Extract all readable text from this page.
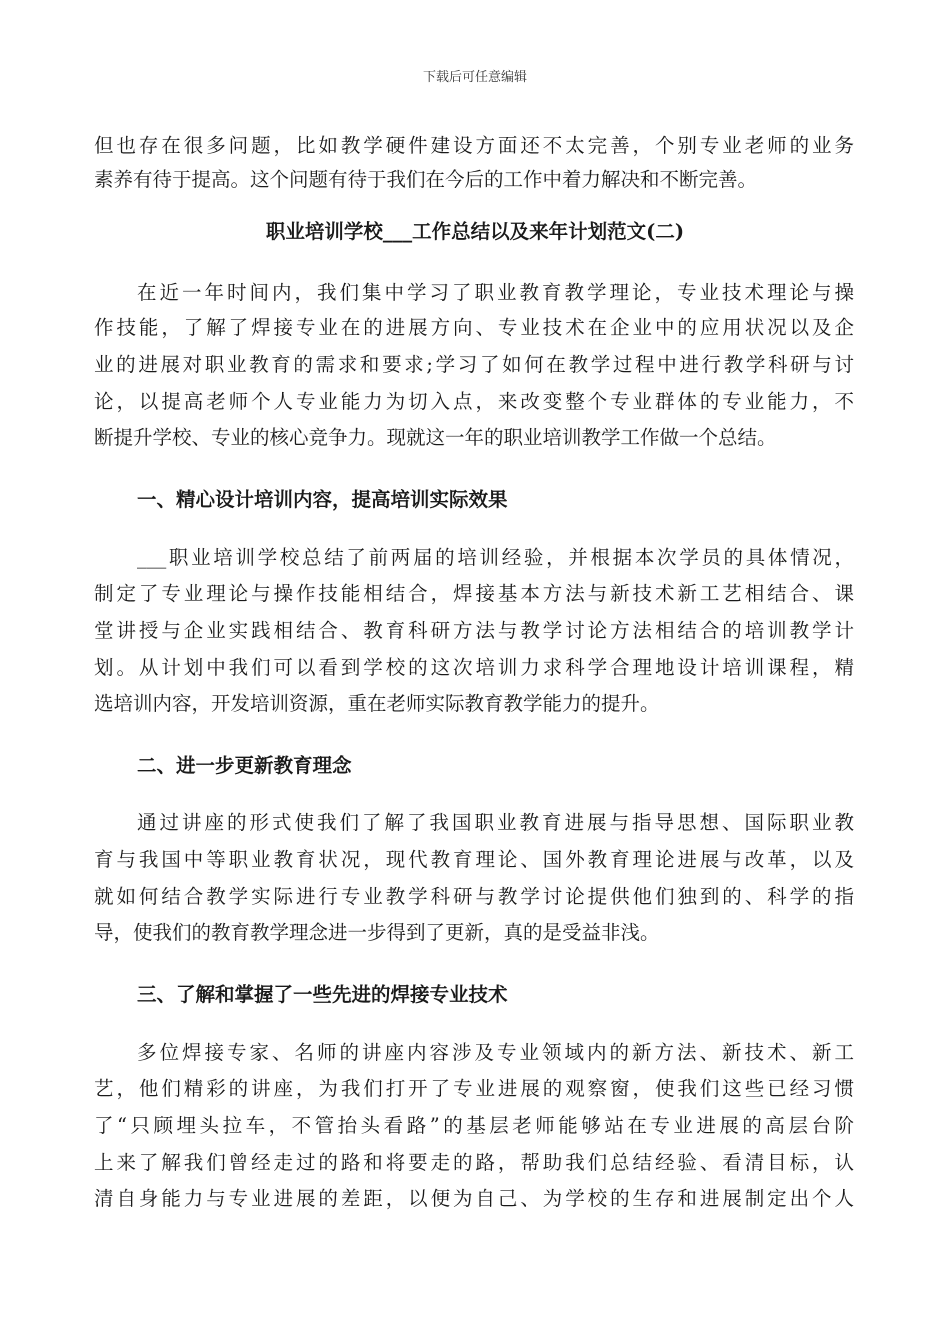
下载后可任意编辑
但也存在很多问题，比如教学硬件建设方面还不太完善，个别专业老师的业务
素养有待于提高。这个问题有待于我们在今后的工作中着力解决和不断完善。
职业培训学校___工作总结以及来年计划范文(二)
在近一年时间内，我们集中学习了职业教育教学理论，专业技术理论与操
作技能，了解了焊接专业在的进展方向、专业技术在企业中的应用状况以及企
业的进展对职业教育的需求和要求;学习了如何在教学过程中进行教学科研与讨
论，以提高老师个人专业能力为切入点，来改变整个专业群体的专业能力，不
断提升学校、专业的核心竞争力。现就这一年的职业培训教学工作做一个总结。
一、精心设计培训内容，提高培训实际效果
___职业培训学校总结了前两届的培训经验，并根据本次学员的具体情况，
制定了专业理论与操作技能相结合，焊接基本方法与新技术新工艺相结合、课
堂讲授与企业实践相结合、教育科研方法与教学讨论方法相结合的培训教学计
划。从计划中我们可以看到学校的这次培训力求科学合理地设计培训课程，精
选培训内容，开发培训资源，重在老师实际教育教学能力的提升。
二、进一步更新教育理念
通过讲座的形式使我们了解了我国职业教育进展与指导思想、国际职业教
育与我国中等职业教育状况，现代教育理论、国外教育理论进展与改革，以及
就如何结合教学实际进行专业教学科研与教学讨论提供他们独到的、科学的指
导，使我们的教育教学理念进一步得到了更新，真的是受益非浅。
三、了解和掌握了一些先进的焊接专业技术
多位焊接专家、名师的讲座内容涉及专业领域内的新方法、新技术、新工
艺，他们精彩的讲座，为我们打开了专业进展的观察窗，使我们这些已经习惯
了“只顾埋头拉车，不管抬头看路”的基层老师能够站在专业进展的高层台阶
上来了解我们曾经走过的路和将要走的路，帮助我们总结经验、看清目标，认
清自身能力与专业进展的差距，以便为自己、为学校的生存和进展制定出个人
